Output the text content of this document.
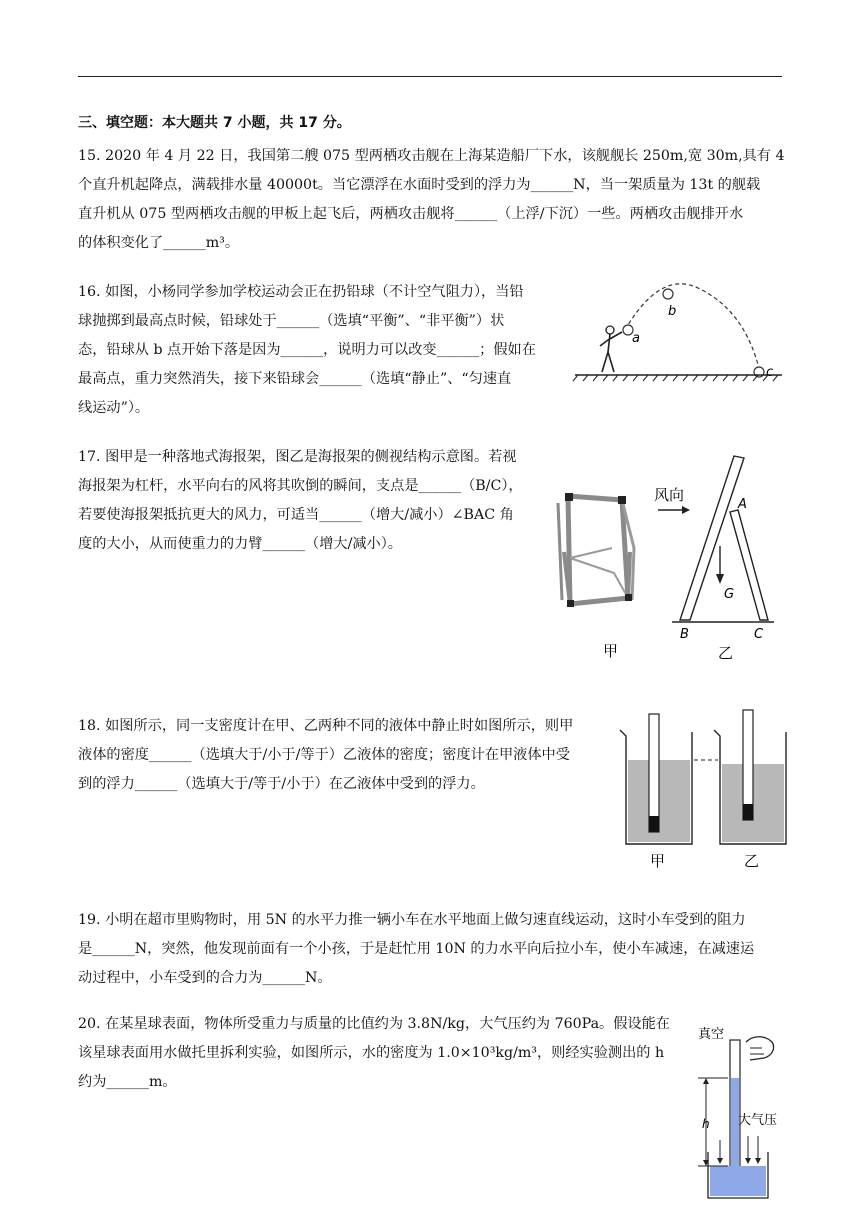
三、填空题：本大题共 7 小题，共 17 分。

15. 2020 年 4 月 22 日，我国第二艘 075 型两栖攻击舰在上海某造船厂下水，该舰舰长 250m,宽 30m,具有 4

个直升机起降点，满载排水量 40000t。当它漂浮在水面时受到的浮力为______N，当一架质量为 13t 的舰载

直升机从 075 型两栖攻击舰的甲板上起飞后，两栖攻击舰将______（上浮/下沉）一些。两栖攻击舰排开水

的体积变化了______m³。

16. 如图，小杨同学参加学校运动会正在扔铅球（不计空气阻力），当铅

球抛掷到最高点时候，铅球处于______（选填“平衡”、“非平衡”）状

态，铅球从 b 点开始下落是因为______，说明力可以改变______；假如在

最高点，重力突然消失，接下来铅球会______（选填“静止”、“匀速直

线运动”）。

a
b
c

17. 图甲是一种落地式海报架，图乙是海报架的侧视结构示意图。若视

海报架为杠杆，水平向右的风将其吹倒的瞬间，支点是______（B/C），

若要使海报架抵抗更大的风力，可适当______（增大/减小）∠BAC 角

度的大小，从而使重力的力臂______（增大/减小）。

甲
风向
A
G
B	C
乙

18. 如图所示，同一支密度计在甲、乙两种不同的液体中静止时如图所示，则甲

液体的密度______（选填大于/小于/等于）乙液体的密度；密度计在甲液体中受

到的浮力______（选填大于/等于/小于）在乙液体中受到的浮力。

甲	乙

19. 小明在超市里购物时，用 5N 的水平力推一辆小车在水平地面上做匀速直线运动，这时小车受到的阻力

是______N，突然，他发现前面有一个小孩，于是赶忙用 10N 的力水平向后拉小车，使小车减速，在减速运

动过程中，小车受到的合力为______N。

20. 在某星球表面，物体所受重力与质量的比值约为 3.8N/kg，大气压约为 760Pa。假设能在

该星球表面用水做托里拆利实验，如图所示，水的密度为 1.0×10³kg/m³，则经实验测出的 h

约为______m。

真空
h 大气压
